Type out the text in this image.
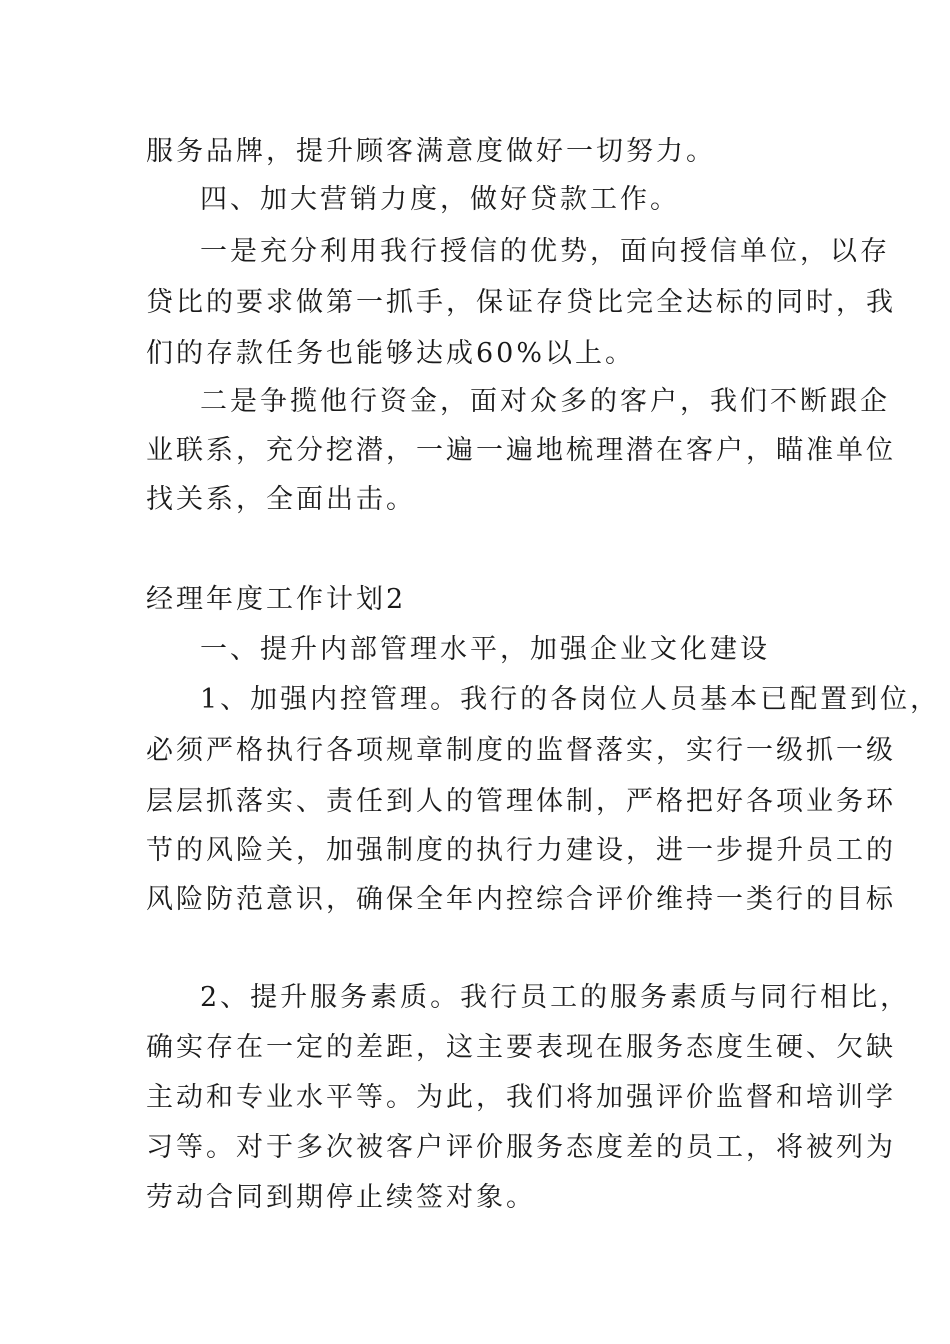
服务品牌，提升顾客满意度做好一切努力。
四、加大营销力度，做好贷款工作。
一是充分利用我行授信的优势，面向授信单位，以存
贷比的要求做第一抓手，保证存贷比完全达标的同时，我
们的存款任务也能够达成60%以上。
二是争揽他行资金，面对众多的客户，我们不断跟企
业联系，充分挖潜，一遍一遍地梳理潜在客户，瞄准单位
找关系，全面出击。
经理年度工作计划2
一、提升内部管理水平，加强企业文化建设
1、加强内控管理。我行的各岗位人员基本已配置到位，
必须严格执行各项规章制度的监督落实，实行一级抓一级
层层抓落实、责任到人的管理体制，严格把好各项业务环
节的风险关，加强制度的执行力建设，进一步提升员工的
风险防范意识，确保全年内控综合评价维持一类行的目标
2、提升服务素质。我行员工的服务素质与同行相比，
确实存在一定的差距，这主要表现在服务态度生硬、欠缺
主动和专业水平等。为此，我们将加强评价监督和培训学
习等。对于多次被客户评价服务态度差的员工，将被列为
劳动合同到期停止续签对象。
